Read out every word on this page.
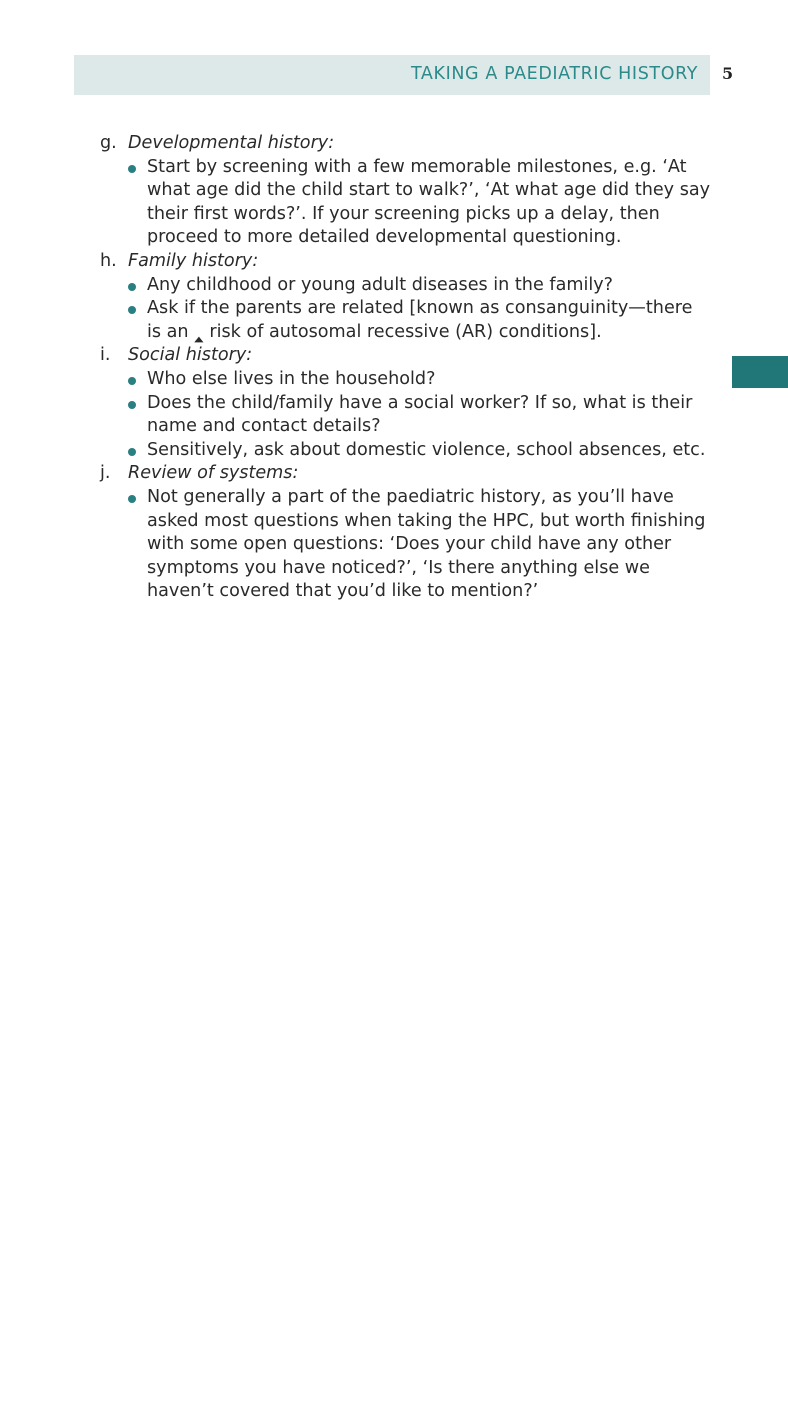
TAKING A PAEDIATRIC HISTORY 5
g. Developmental history:
Start by screening with a few memorable milestones, e.g. ‘At what age did the child start to walk?’, ‘At what age did they say their first words?’. If your screening picks up a delay, then proceed to more detailed developmental questioning.
h. Family history:
Any childhood or young adult diseases in the family?
Ask if the parents are related [known as consanguinity—there is an 🢑 risk of autosomal recessive (AR) conditions].
i. Social history:
Who else lives in the household?
Does the child/family have a social worker? If so, what is their name and contact details?
Sensitively, ask about domestic violence, school absences, etc.
j. Review of systems:
Not generally a part of the paediatric history, as you’ll have asked most questions when taking the HPC, but worth finishing with some open questions: ‘Does your child have any other symptoms you have noticed?’, ‘Is there anything else we haven’t covered that you’d like to mention?’
